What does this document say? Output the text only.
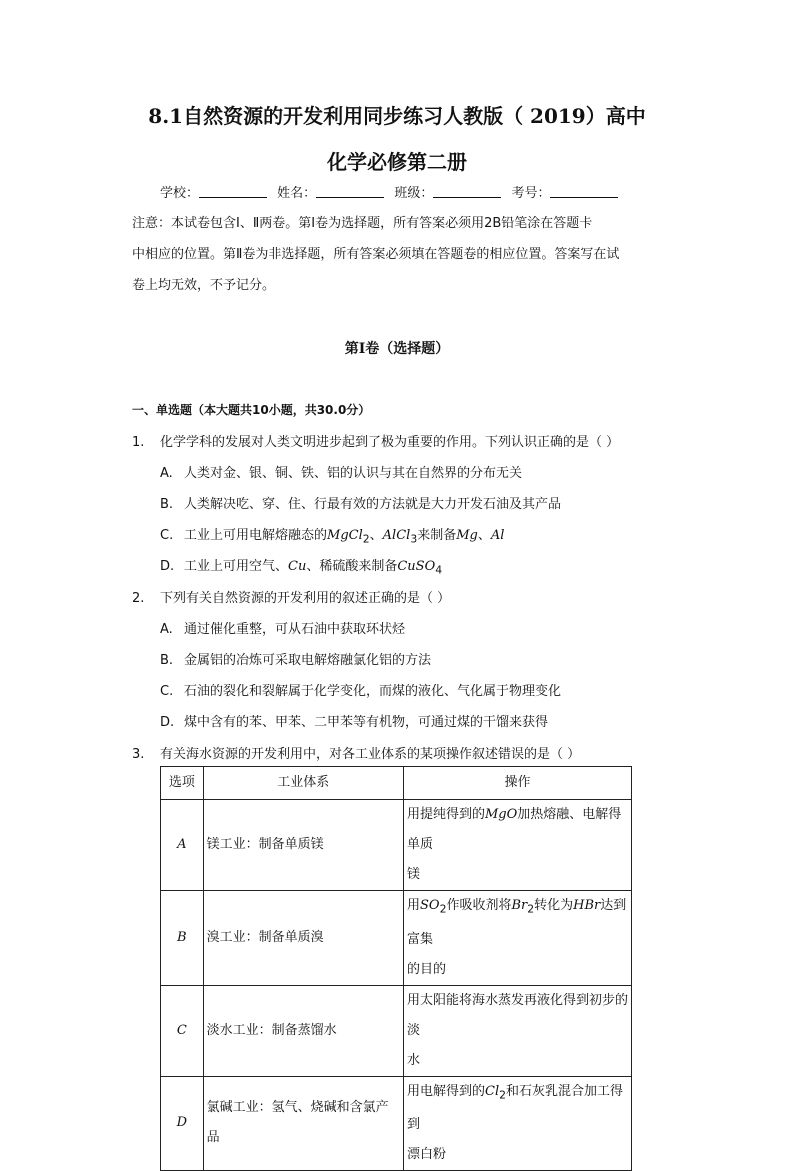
8.1自然资源的开发利用同步练习人教版（ 2019）高中
化学必修第二册
学校：	姓名：	班级：	考号：

注意：本试卷包含Ⅰ、Ⅱ两卷。第Ⅰ卷为选择题，所有答案必须用2B铅笔涂在答题卡

中相应的位置。第Ⅱ卷为非选择题，所有答案必须填在答题卷的相应位置。答案写在试

卷上均无效，不予记分。

第I卷（选择题）
一、单选题（本大题共10小题，共30.0分）
1. 化学学科的发展对人类文明进步起到了极为重要的作用。下列认识正确的是（ ）
A. 人类对金、银、铜、铁、铝的认识与其在自然界的分布无关
B. 人类解决吃、穿、住、行最有效的方法就是大力开发石油及其产品
C. 工业上可用电解熔融态的MgCl$_2$、AlCl$_3$来制备Mg、Al
D. 工业上可用空气、Cu、稀硫酸来制备CuSO$_4$
2. 下列有关自然资源的开发利用的叙述正确的是（ ）
A. 通过催化重整，可从石油中获取环状烃
B. 金属铝的冶炼可采取电解熔融氯化铝的方法
C. 石油的裂化和裂解属于化学变化，而煤的液化、气化属于物理变化
D. 煤中含有的苯、甲苯、二甲苯等有机物，可通过煤的干馏来获得
3. 有关海水资源的开发利用中，对各工业体系的某项操作叙述错误的是（ ）
选项	工业体系	操作
A	镁工业：制备单质镁	用提纯得到的MgO加热熔融、电解得单质
镁
B	溴工业：制备单质溴	用$SO_2$作吸收剂将$Br_2$转化为HBr达到富集
的目的
C	淡水工业：制备蒸馏水	用太阳能将海水蒸发再液化得到初步的淡
水
D	氯碱工业：氢气、烧碱和含氯产
品	用电解得到的$Cl_2$和石灰乳混合加工得到
漂白粉
